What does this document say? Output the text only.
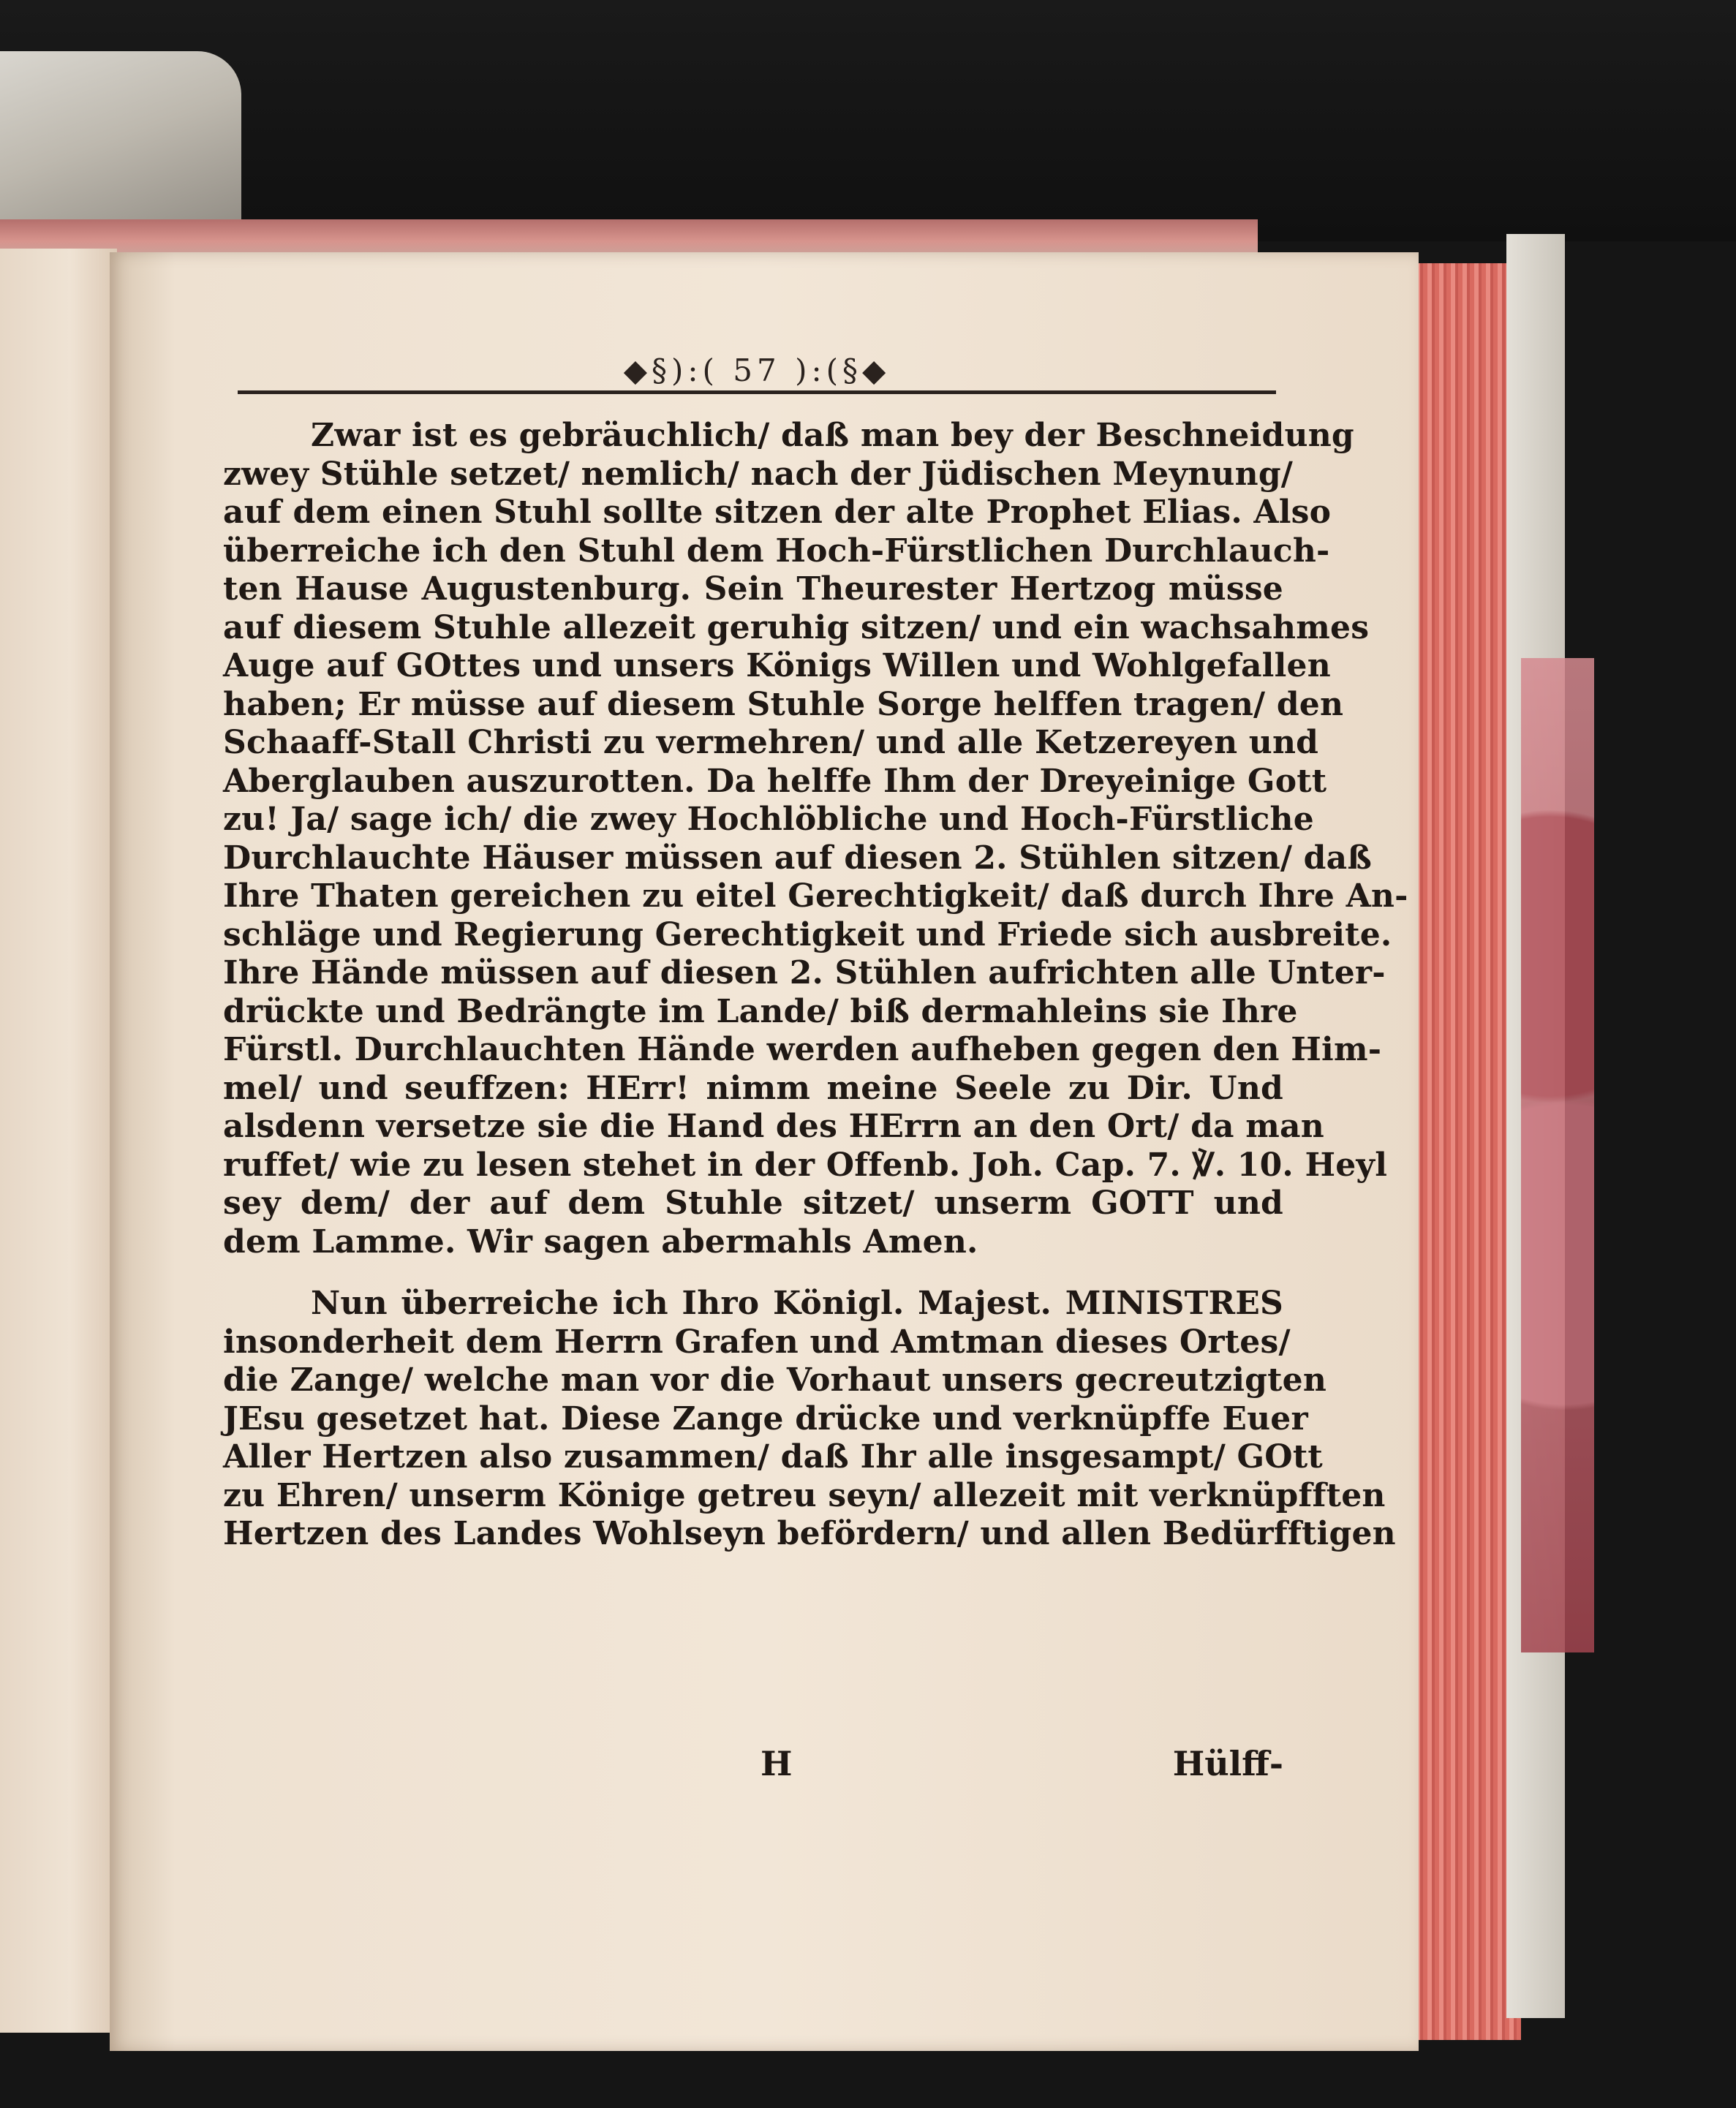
◆§):( 57 ):(§◆
Zwar ist es gebräuchlich/ daß man bey der Beschneidung
zwey Stühle setzet/ nemlich/ nach der Jüdischen Meynung/
auf dem einen Stuhl sollte sitzen der alte Prophet Elias. Also
überreiche ich den Stuhl dem Hoch-Fürstlichen Durchlauch-
ten Hause Augustenburg. Sein Theurester Hertzog müsse
auf diesem Stuhle allezeit geruhig sitzen/ und ein wachsahmes
Auge auf GOttes und unsers Königs Willen und Wohlgefallen
haben; Er müsse auf diesem Stuhle Sorge helffen tragen/ den
Schaaff-Stall Christi zu vermehren/ und alle Ketzereyen und
Aberglauben auszurotten. Da helffe Ihm der Dreyeinige Gott
zu! Ja/ sage ich/ die zwey Hochlöbliche und Hoch-Fürstliche
Durchlauchte Häuser müssen auf diesen 2. Stühlen sitzen/ daß
Ihre Thaten gereichen zu eitel Gerechtigkeit/ daß durch Ihre An-
schläge und Regierung Gerechtigkeit und Friede sich ausbreite.
Ihre Hände müssen auf diesen 2. Stühlen aufrichten alle Unter-
drückte und Bedrängte im Lande/ biß dermahleins sie Ihre
Fürstl. Durchlauchten Hände werden aufheben gegen den Him-
mel/ und seuffzen: HErr! nimm meine Seele zu Dir. Und
alsdenn versetze sie die Hand des HErrn an den Ort/ da man
ruffet/ wie zu lesen stehet in der Offenb. Joh. Cap. 7. ℣. 10. Heyl
sey dem/ der auf dem Stuhle sitzet/ unserm GOTT und
dem Lamme. Wir sagen abermahls Amen.
Nun überreiche ich Ihro Königl. Majest. MINISTRES
insonderheit dem Herrn Grafen und Amtman dieses Ortes/
die Zange/ welche man vor die Vorhaut unsers gecreutzigten
JEsu gesetzet hat. Diese Zange drücke und verknüpffe Euer
Aller Hertzen also zusammen/ daß Ihr alle insgesampt/ GOtt
zu Ehren/ unserm Könige getreu seyn/ allezeit mit verknüpfften
Hertzen des Landes Wohlseyn befördern/ und allen Bedürfftigen
H	Hülff-
